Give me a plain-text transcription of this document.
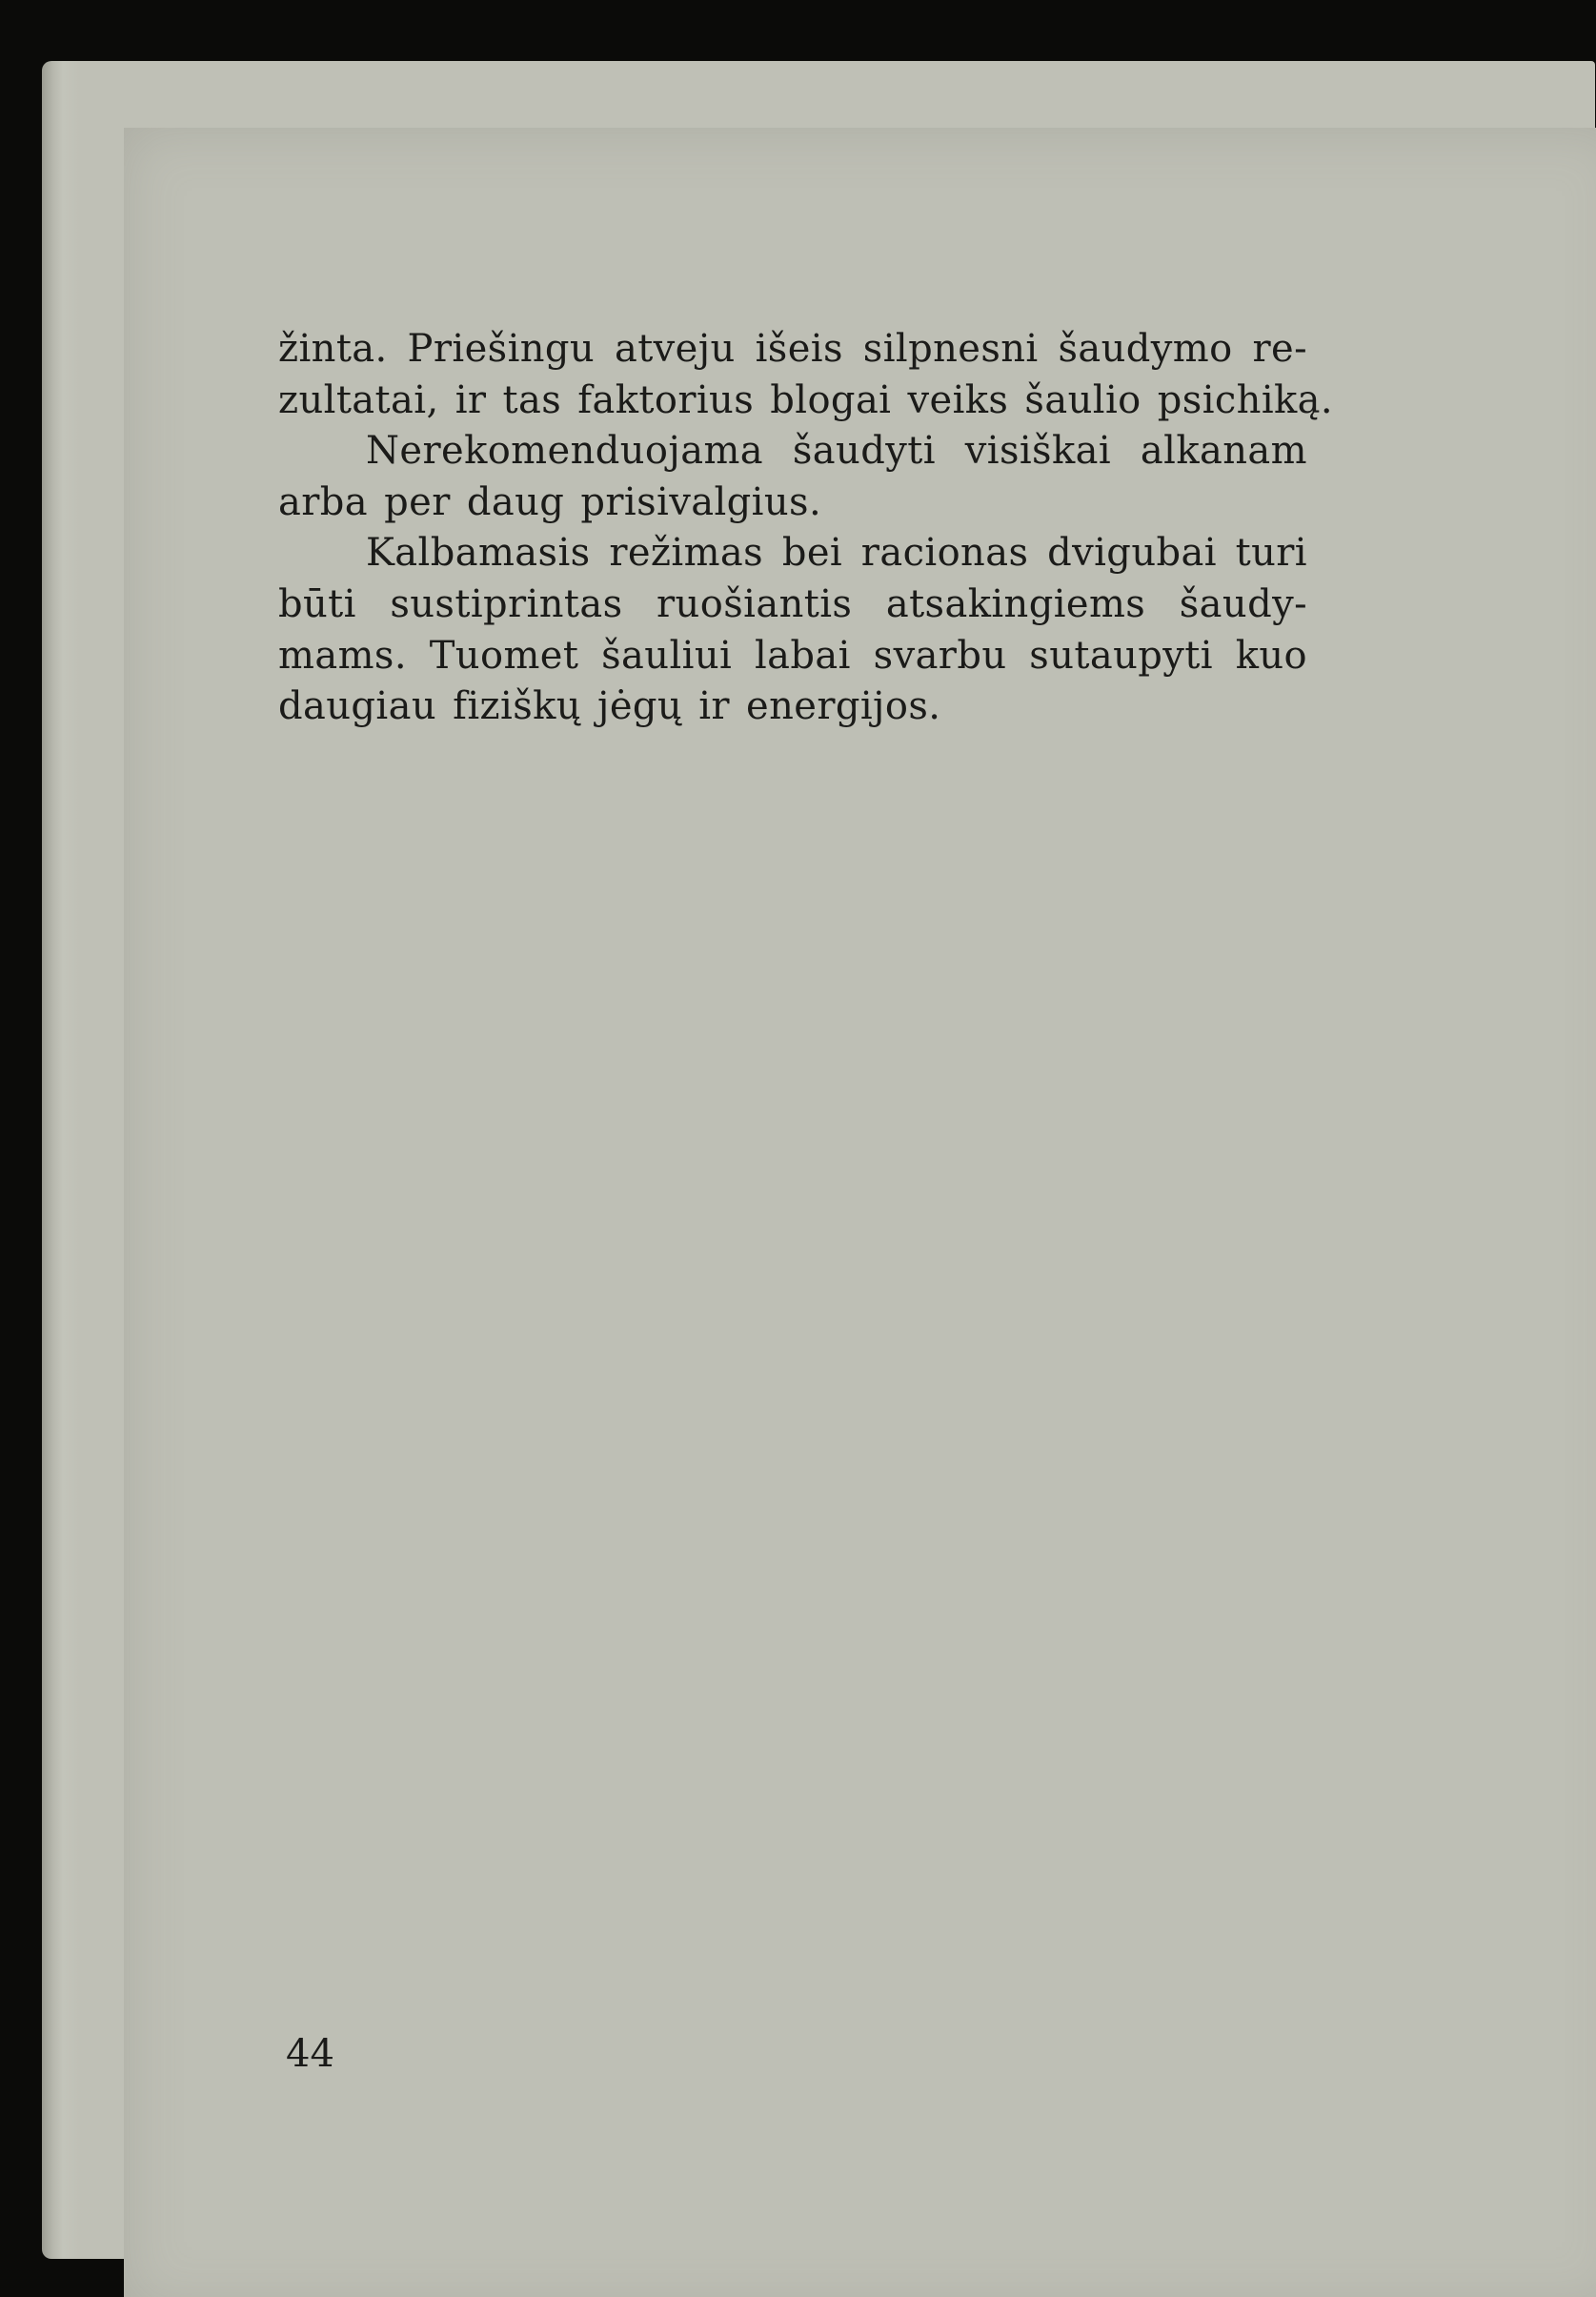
žinta. Priešingu atveju išeis silpnesni šaudymo re-
zultatai, ir tas faktorius blogai veiks šaulio psichiką.
Nerekomenduojama šaudyti visiškai alkanam
arba per daug prisivalgius.
Kalbamasis režimas bei racionas dvigubai turi
būti sustiprintas ruošiantis atsakingiems šaudy-
mams. Tuomet šauliui labai svarbu sutaupyti kuo
daugiau fiziškų jėgų ir energijos.
44
